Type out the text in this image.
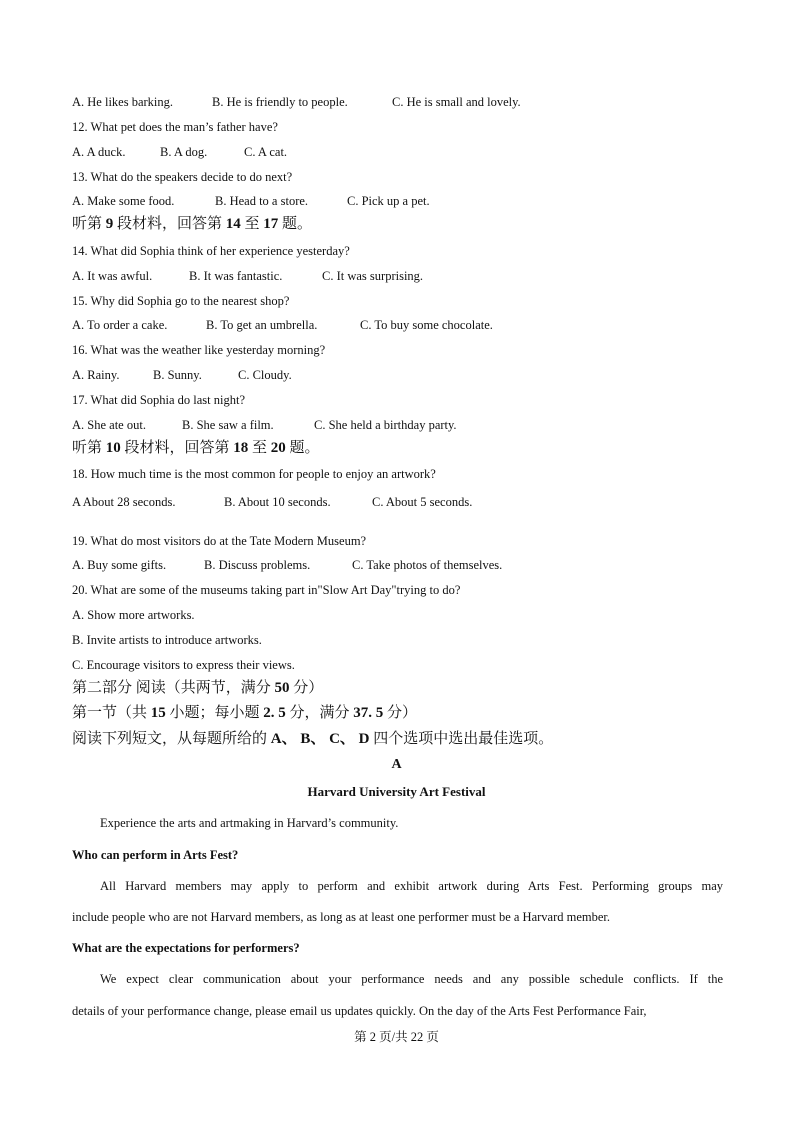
A. He likes barking.	B. He is friendly to people.	C. He is small and lovely.
12. What pet does the man’s father have?
A. A duck.	B. A dog.	C. A cat.
13. What do the speakers decide to do next?
A. Make some food.	B. Head to a store.	C. Pick up a pet.
听第 9 段材料，回答第 14 至 17 题。
14. What did Sophia think of her experience yesterday?
A. It was awful.	B. It was fantastic.	C. It was surprising.
15. Why did Sophia go to the nearest shop?
A. To order a cake.	B. To get an umbrella.	C. To buy some chocolate.
16. What was the weather like yesterday morning?
A. Rainy.	B. Sunny.	C. Cloudy.
17. What did Sophia do last night?
A. She ate out.	B. She saw a film.	C. She held a birthday party.
听第 10 段材料，回答第 18 至 20 题。
18. How much time is the most common for people to enjoy an artwork?
A About 28 seconds.	B. About 10 seconds.	C. About 5 seconds.
19. What do most visitors do at the Tate Modern Museum?
A. Buy some gifts.	B. Discuss problems.	C. Take photos of themselves.
20. What are some of the museums taking part in"Slow Art Day"trying to do?
A. Show more artworks.
B. Invite artists to introduce artworks.
C. Encourage visitors to express their views.
第二部分 阅读（共两节，满分 50 分）
第一节（共 15 小题；每小题 2. 5 分，满分 37. 5 分）
阅读下列短文，从每题所给的 A、 B、 C、 D 四个选项中选出最佳选项。
A
Harvard University Art Festival
Experience the arts and artmaking in Harvard’s community.
Who can perform in Arts Fest?
All Harvard members may apply to perform and exhibit artwork during Arts Fest. Performing groups may
include people who are not Harvard members, as long as at least one performer must be a Harvard member.
What are the expectations for performers?
We expect clear communication about your performance needs and any possible schedule conflicts. If the
details of your performance change, please email us updates quickly. On the day of the Arts Fest Performance Fair,
第 2 页/共 22 页
